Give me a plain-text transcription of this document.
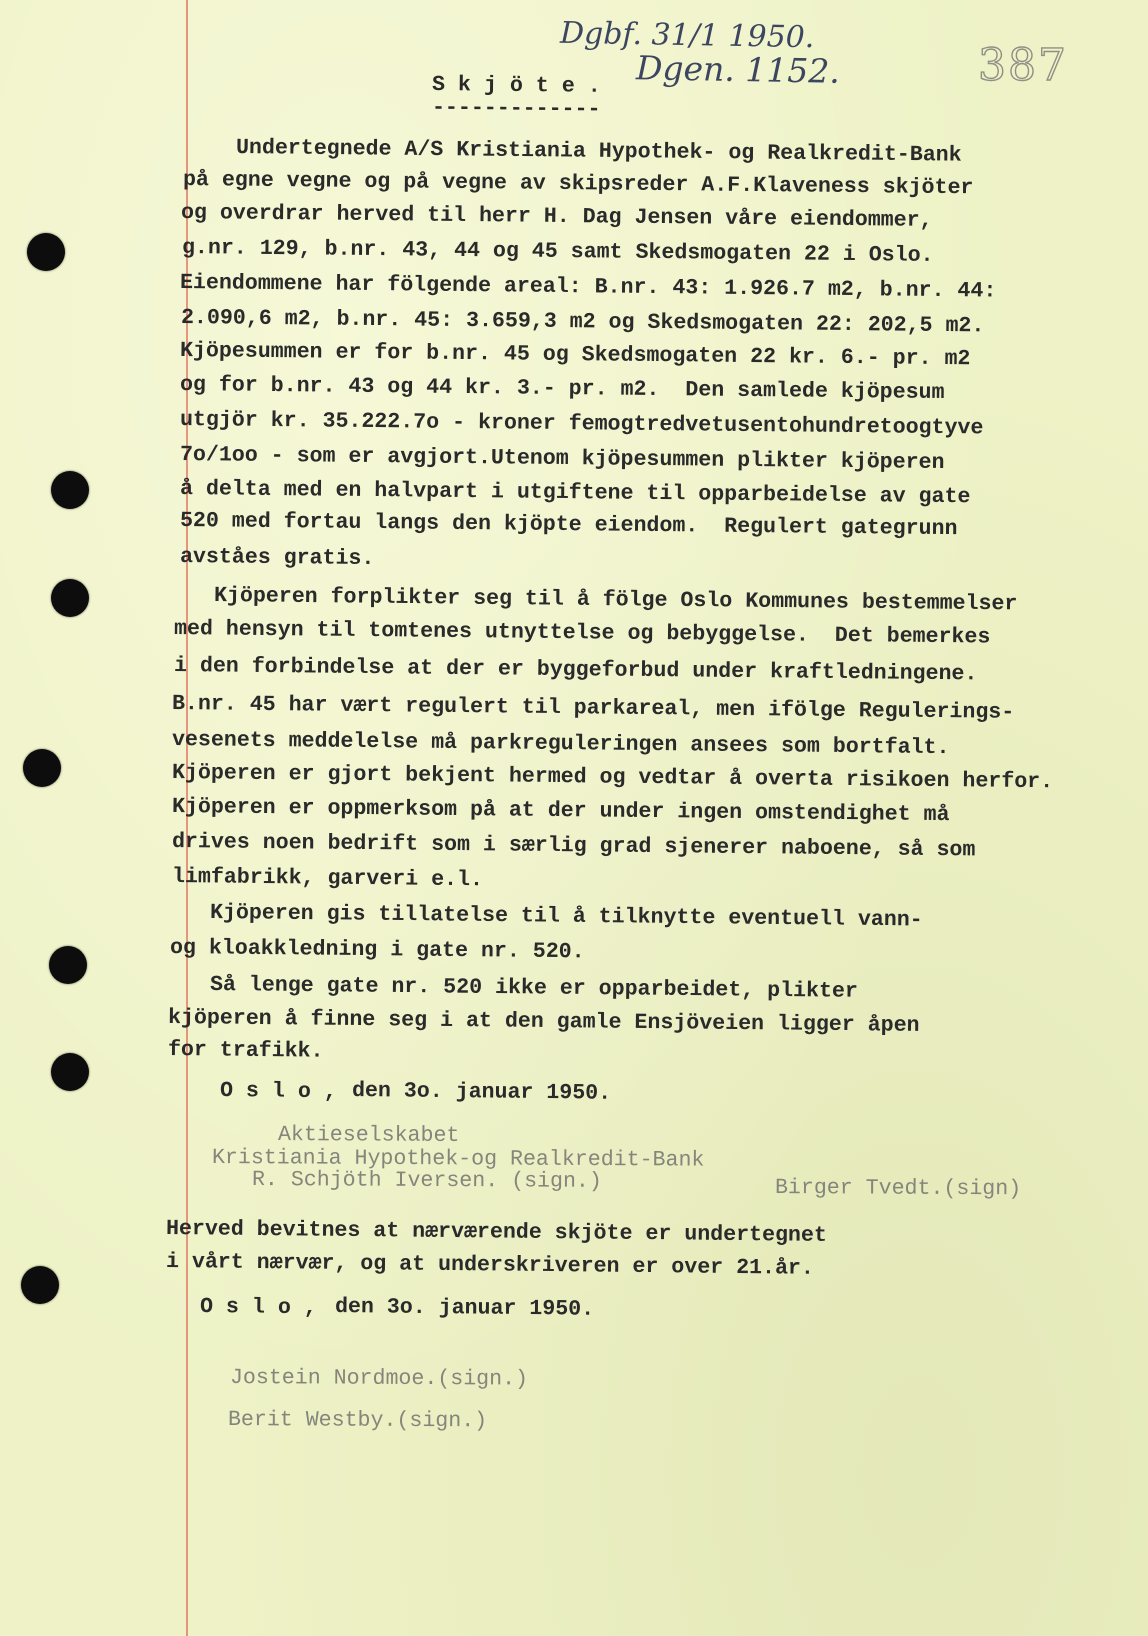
Dgbf. 31/1 1950.
Dgen. 1152.	387
Skjöte.
-------------
Undertegnede A/S Kristiania Hypothek- og Realkredit-Bank
på egne vegne og på vegne av skipsreder A.F.Klaveness skjöter
og overdrar herved til herr H. Dag Jensen våre eiendommer,
g.nr. 129, b.nr. 43, 44 og 45 samt Skedsmogaten 22 i Oslo.
Eiendommene har fölgende areal: B.nr. 43: 1.926.7 m2, b.nr. 44:
2.090,6 m2, b.nr. 45: 3.659,3 m2 og Skedsmogaten 22: 202,5 m2.
Kjöpesummen er for b.nr. 45 og Skedsmogaten 22 kr. 6.- pr. m2
og for b.nr. 43 og 44 kr. 3.- pr. m2.  Den samlede kjöpesum
utgjör kr. 35.222.7o - kroner femogtredvetusentohundretoogtyve
7o/1oo - som er avgjort.Utenom kjöpesummen plikter kjöperen
å delta med en halvpart i utgiftene til opparbeidelse av gate
520 med fortau langs den kjöpte eiendom.  Regulert gategrunn
avståes gratis.
Kjöperen forplikter seg til å fölge Oslo Kommunes bestemmelser
med hensyn til tomtenes utnyttelse og bebyggelse.  Det bemerkes
i den forbindelse at der er byggeforbud under kraftledningene.
B.nr. 45 har vært regulert til parkareal, men ifölge Regulerings-
vesenets meddelelse må parkreguleringen ansees som bortfalt.
Kjöperen er gjort bekjent hermed og vedtar å overta risikoen herfor.
Kjöperen er oppmerksom på at der under ingen omstendighet må
drives noen bedrift som i særlig grad sjenerer naboene, så som
limfabrikk, garveri e.l.
Kjöperen gis tillatelse til å tilknytte eventuell vann-
og kloakkledning i gate nr. 520.
Så lenge gate nr. 520 ikke er opparbeidet, plikter
kjöperen å finne seg i at den gamle Ensjöveien ligger åpen
for trafikk.
Oslo, den 3o. januar 1950.
Aktieselskabet
Kristiania Hypothek-og Realkredit-Bank
R. Schjöth Iversen. (sign.)	Birger Tvedt.(sign)
Herved bevitnes at nærværende skjöte er undertegnet
i vårt nærvær, og at underskriveren er over 21.år.
Oslo, den 3o. januar 1950.
Jostein Nordmoe.(sign.)
Berit Westby.(sign.)
